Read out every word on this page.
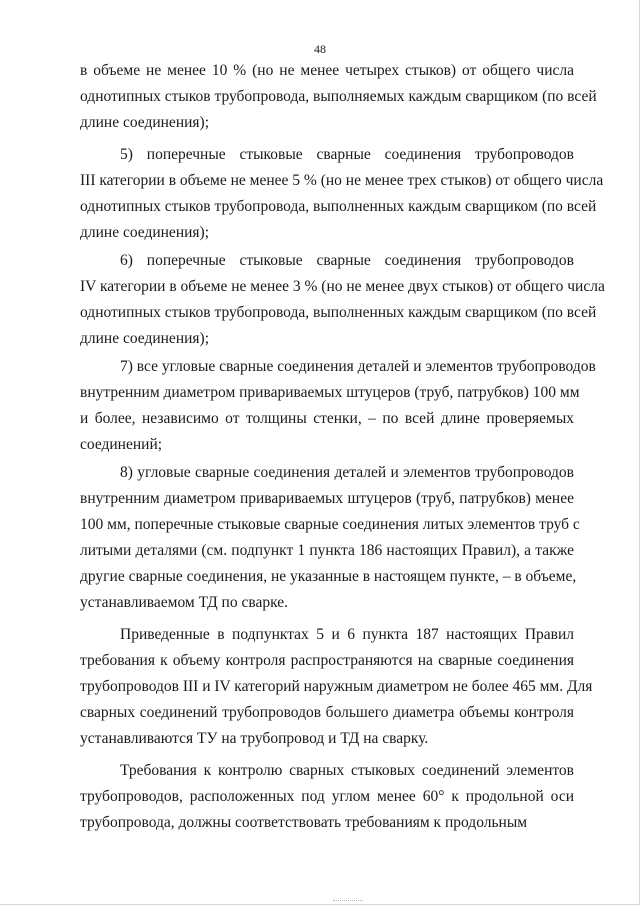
48
в объеме не менее 10 % (но не менее четырех стыков) от общего числа
однотипных стыков трубопровода, выполняемых каждым сварщиком (по всей
длине соединения);
5) поперечные стыковые сварные соединения трубопроводов
III категории в объеме не менее 5 % (но не менее трех стыков) от общего числа
однотипных стыков трубопровода, выполненных каждым сварщиком (по всей
длине соединения);
6) поперечные стыковые сварные соединения трубопроводов
IV категории в объеме не менее 3 % (но не менее двух стыков) от общего числа
однотипных стыков трубопровода, выполненных каждым сварщиком (по всей
длине соединения);
7) все угловые сварные соединения деталей и элементов трубопроводов
внутренним диаметром привариваемых штуцеров (труб, патрубков) 100 мм
и более, независимо от толщины стенки, – по всей длине проверяемых
соединений;
8) угловые сварные соединения деталей и элементов трубопроводов
внутренним диаметром привариваемых штуцеров (труб, патрубков) менее
100 мм, поперечные стыковые сварные соединения литых элементов труб с
литыми деталями (см. подпункт 1 пункта 186 настоящих Правил), а также
другие сварные соединения, не указанные в настоящем пункте, – в объеме,
устанавливаемом ТД по сварке.
Приведенные в подпунктах 5 и 6 пункта 187 настоящих Правил
требования к объему контроля распространяются на сварные соединения
трубопроводов III и IV категорий наружным диаметром не более 465 мм. Для
сварных соединений трубопроводов большего диаметра объемы контроля
устанавливаются ТУ на трубопровод и ТД на сварку.
Требования к контролю сварных стыковых соединений элементов
трубопроводов, расположенных под углом менее 60° к продольной оси
трубопровода, должны соответствовать требованиям к продольным
